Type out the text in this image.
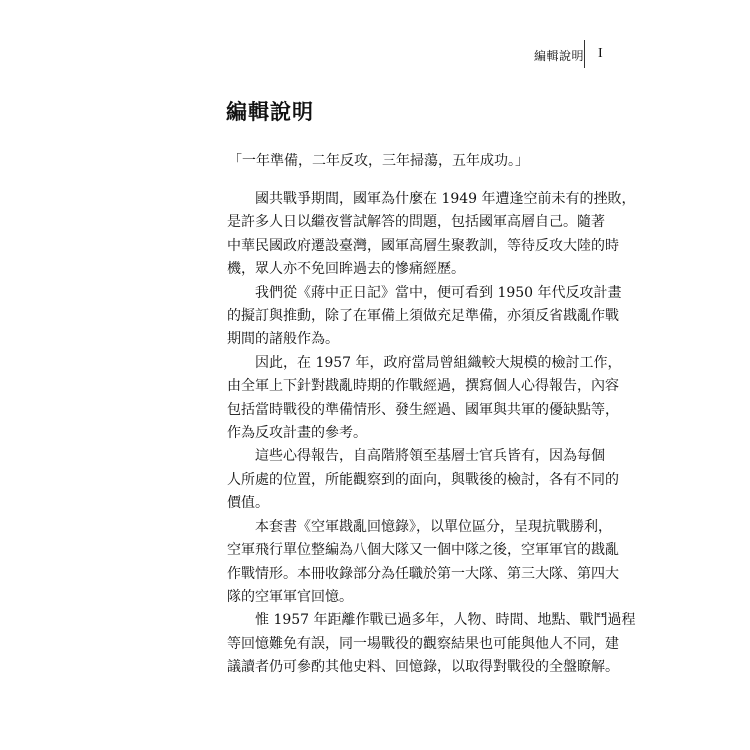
編輯說明 I
編輯說明
「一年準備，二年反攻，三年掃蕩，五年成功。」

　　國共戰爭期間，國軍為什麼在 1949 年遭逢空前未有的挫敗，
是許多人日以繼夜嘗試解答的問題，包括國軍高層自己。隨著
中華民國政府遷設臺灣，國軍高層生聚教訓，等待反攻大陸的時
機，眾人亦不免回眸過去的慘痛經歷。

　　我們從《蔣中正日記》當中，便可看到 1950 年代反攻計畫
的擬訂與推動，除了在軍備上須做充足準備，亦須反省戡亂作戰
期間的諸般作為。

　　因此，在 1957 年，政府當局曾組織較大規模的檢討工作，
由全軍上下針對戡亂時期的作戰經過，撰寫個人心得報告，內容
包括當時戰役的準備情形、發生經過、國軍與共軍的優缺點等，
作為反攻計畫的參考。

　　這些心得報告，自高階將領至基層士官兵皆有，因為每個
人所處的位置，所能觀察到的面向，與戰後的檢討，各有不同的
價值。

　　本套書《空軍戡亂回憶錄》，以單位區分，呈現抗戰勝利，
空軍飛行單位整編為八個大隊又一個中隊之後，空軍軍官的戡亂
作戰情形。本冊收錄部分為任職於第一大隊、第三大隊、第四大
隊的空軍軍官回憶。

　　惟 1957 年距離作戰已過多年，人物、時間、地點、戰鬥過程
等回憶難免有誤，同一場戰役的觀察結果也可能與他人不同，建
議讀者仍可參酌其他史料、回憶錄，以取得對戰役的全盤瞭解。
